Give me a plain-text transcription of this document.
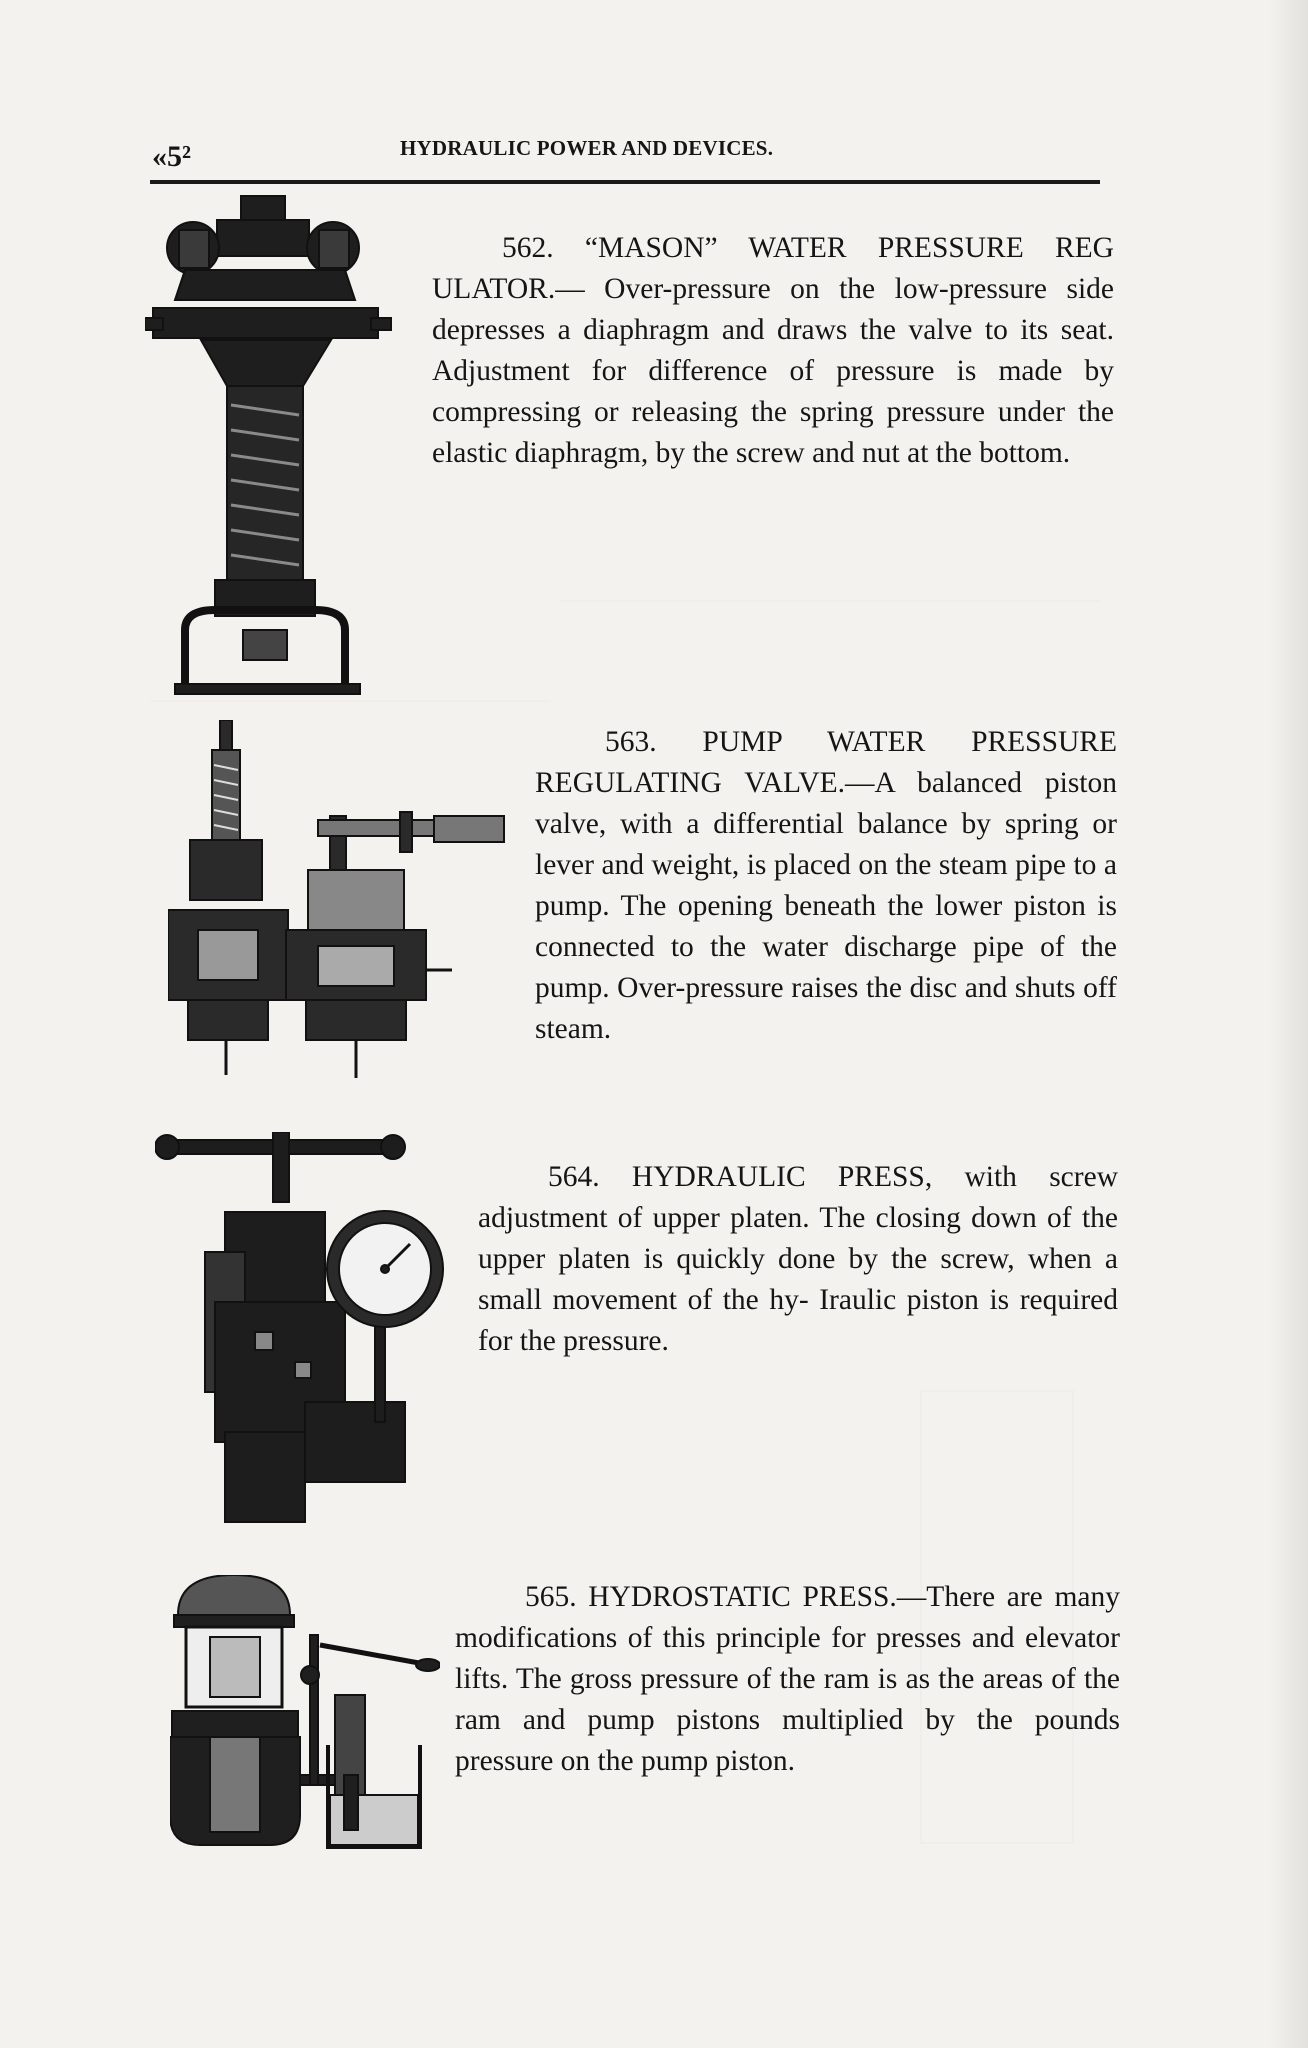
«5²	HYDRAULIC POWER AND DEVICES.

562. “MASON” WATER PRESSURE REG ULATOR.— Over-pressure on the low-pressure side depresses a diaphragm and draws the valve to its seat. Adjustment for difference of pressure is made by compressing or releasing the spring pressure under the elastic diaphragm, by the screw and nut at the bottom.

563. PUMP WATER PRESSURE REGULATING VALVE.—A balanced piston valve, with a differential balance by spring or lever and weight, is placed on the steam pipe to a pump. The opening beneath the lower piston is connected to the water discharge pipe of the pump. Over-pressure raises the disc and shuts off steam.

564. HYDRAULIC PRESS, with screw adjustment of upper platen. The closing down of the upper platen is quickly done by the screw, when a small movement of the hy- Iraulic piston is required for the pressure.

565. HYDROSTATIC PRESS.—There are many modifications of this principle for presses and elevator lifts. The gross pressure of the ram is as the areas of the ram and pump pistons multiplied by the pounds pressure on the pump piston.
